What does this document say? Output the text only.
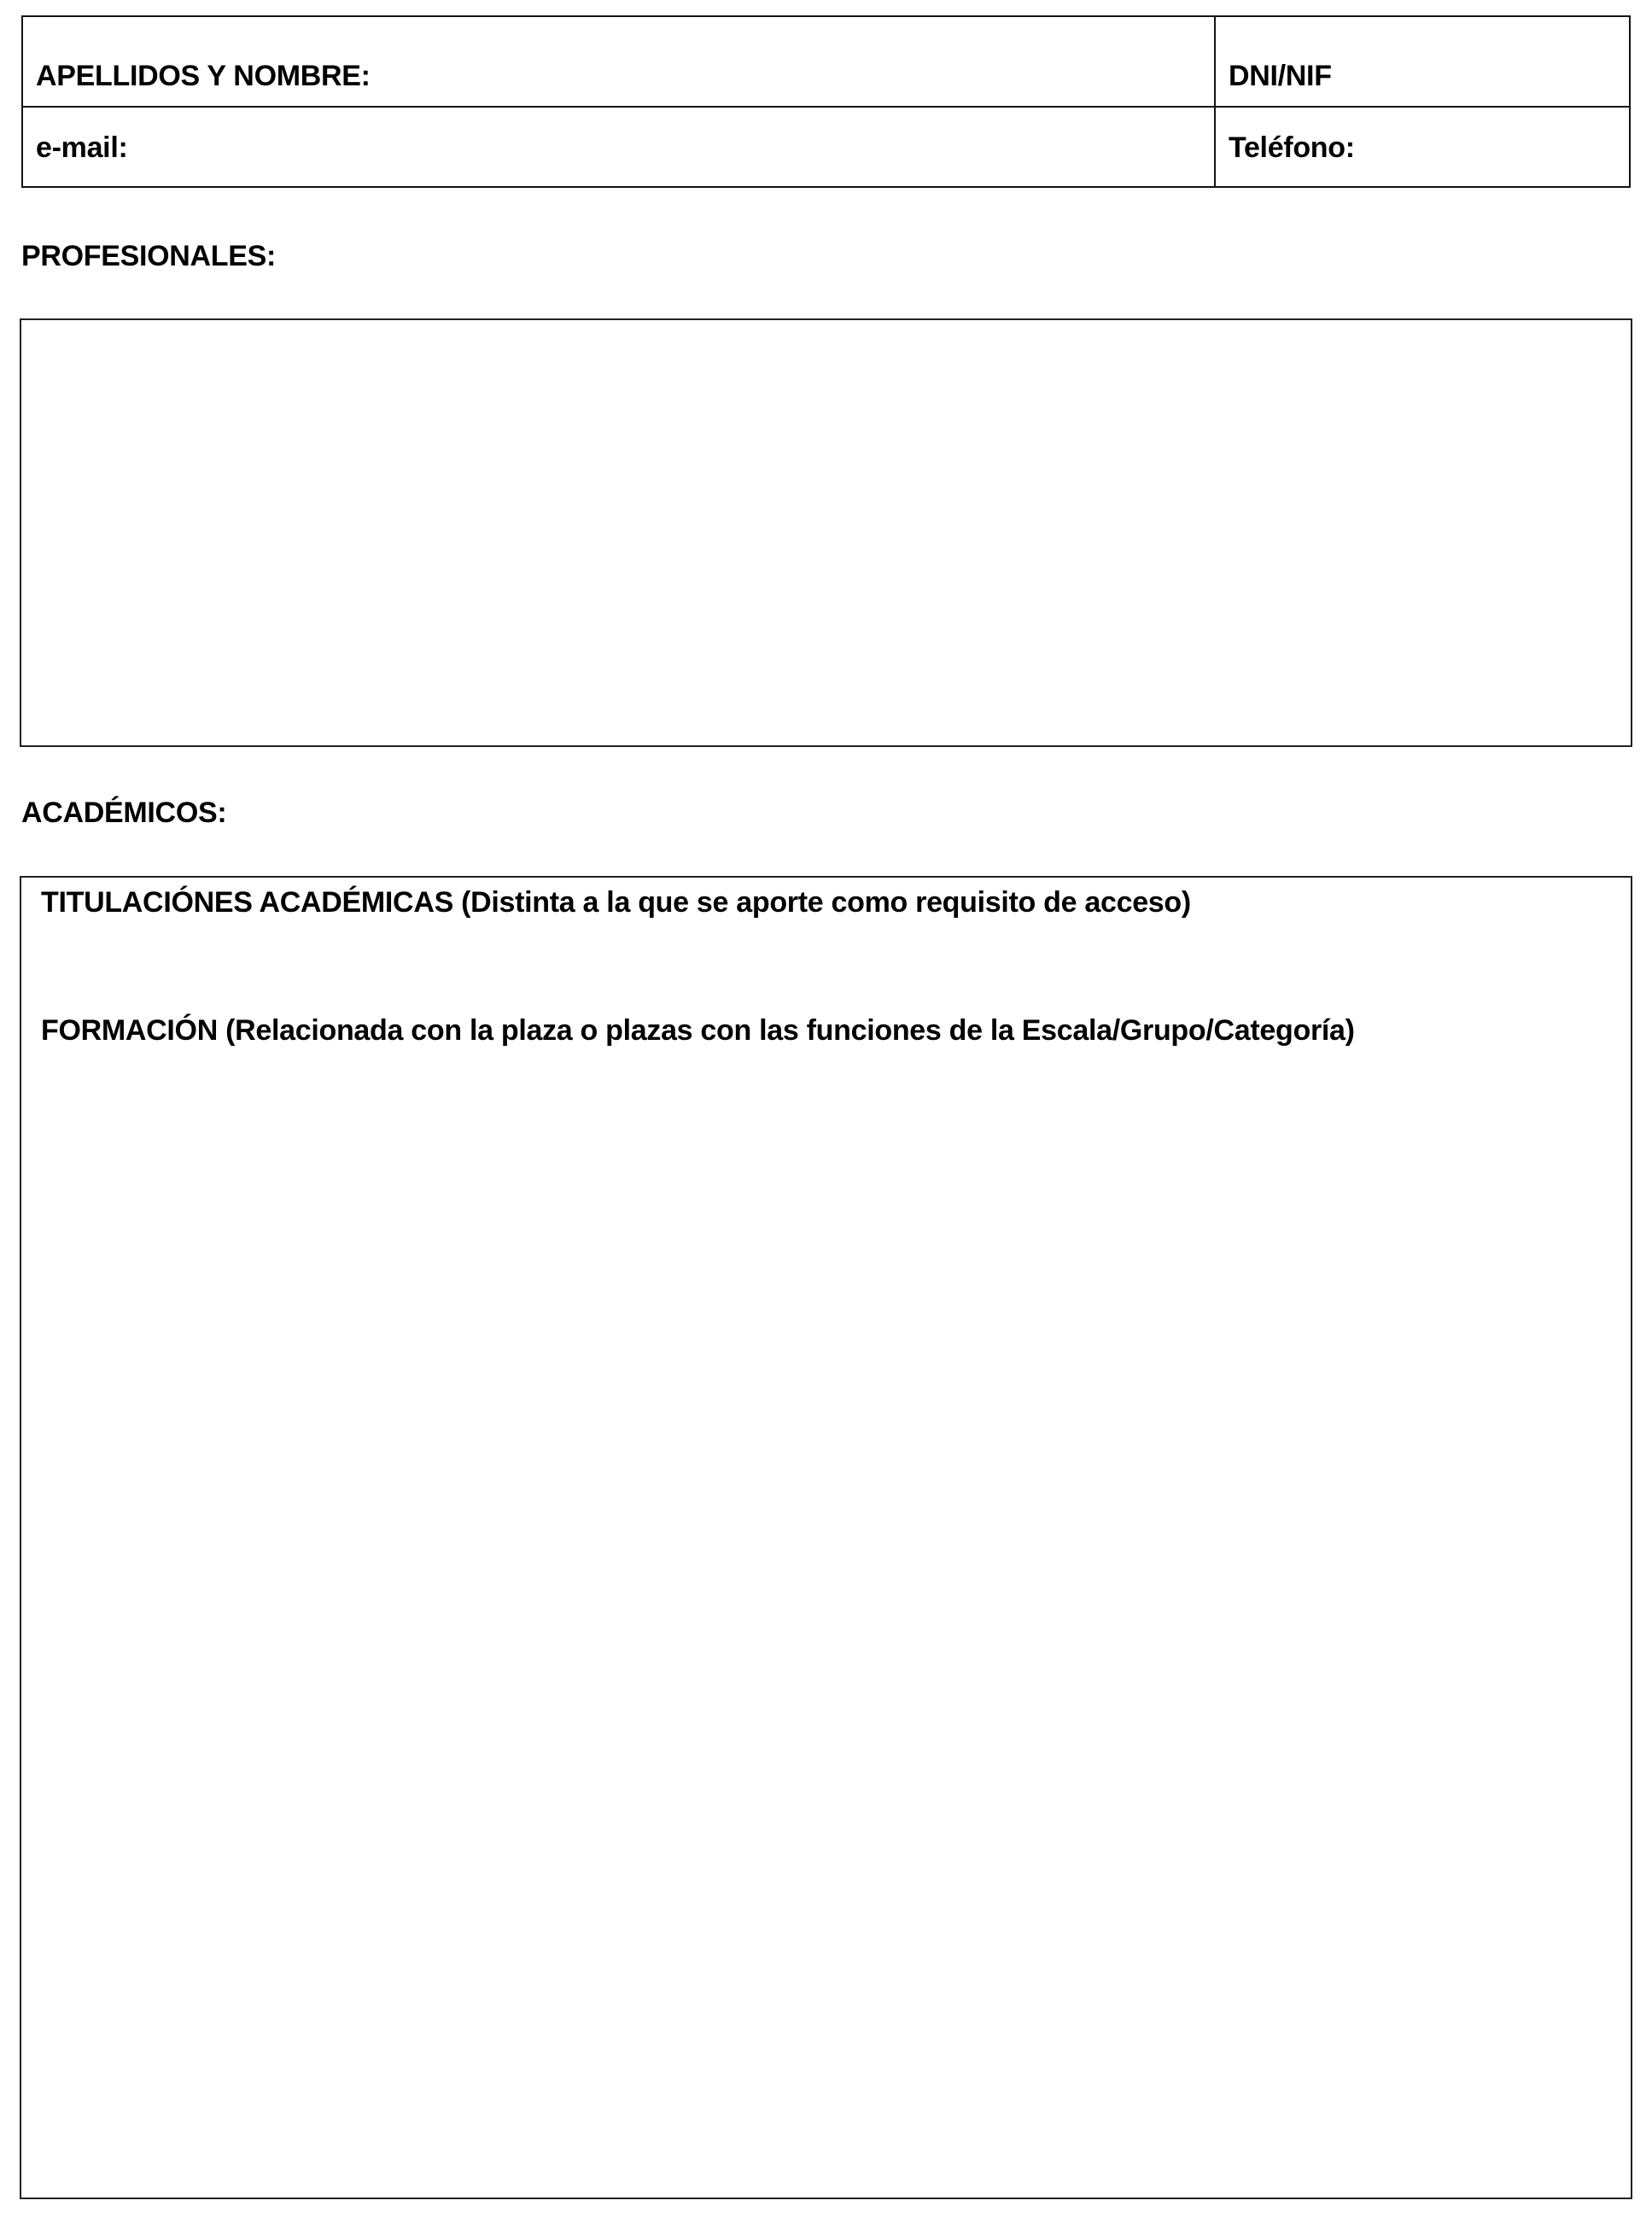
APELLIDOS Y NOMBRE:	DNI/NIF
e-mail:	Teléfono:
PROFESIONALES:
ACADÉMICOS:
TITULACIÓNES ACADÉMICAS (Distinta a la que se aporte como requisito de acceso)
FORMACIÓN (Relacionada con la plaza o plazas con las funciones de la Escala/Grupo/Categoría)
